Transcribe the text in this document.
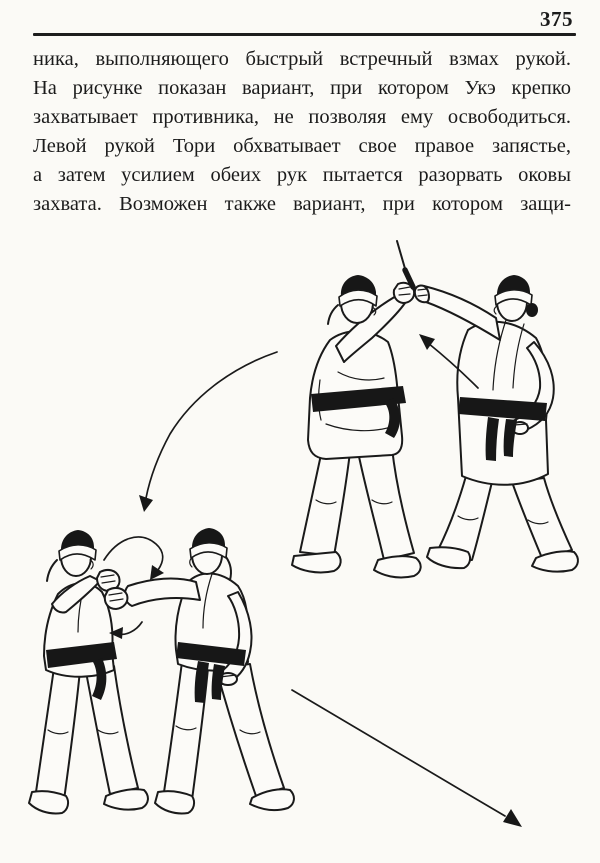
375
ника, выполняющего быстрый встречный взмах рукой.
На рисунке показан вариант, при котором Укэ крепко
захватывает противника, не позволяя ему освободиться.
Левой рукой Тори обхватывает свое правое запястье,
а затем усилием обеих рук пытается разорвать оковы
захвата. Возможен также вариант, при котором защи-
